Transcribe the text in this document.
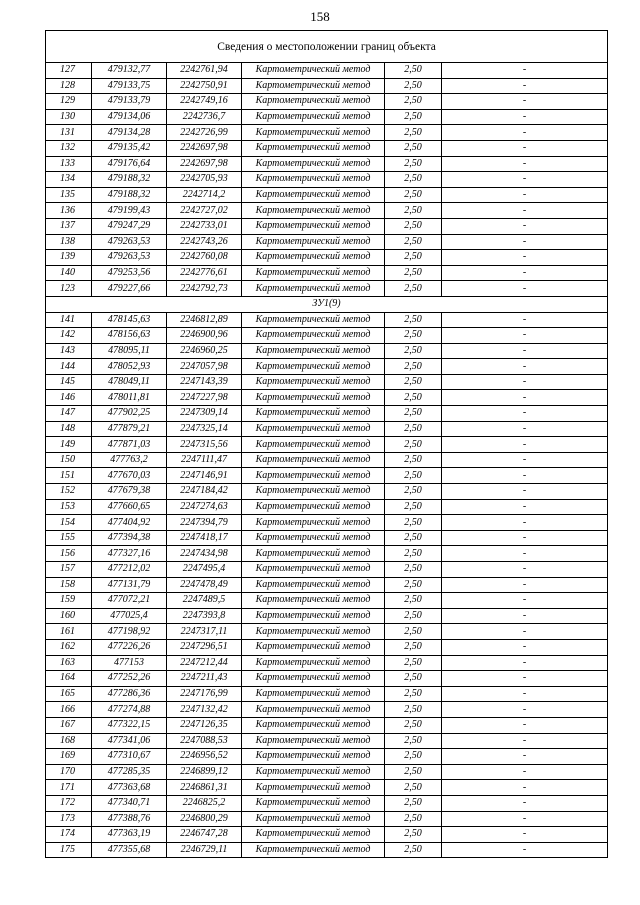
158
Сведения о местоположении границ объекта					
127	479132,77	2242761,94	Картометрический метод	2,50	-
128	479133,75	2242750,91	Картометрический метод	2,50	-
129	479133,79	2242749,16	Картометрический метод	2,50	-
130	479134,06	2242736,7	Картометрический метод	2,50	-
131	479134,28	2242726,99	Картометрический метод	2,50	-
132	479135,42	2242697,98	Картометрический метод	2,50	-
133	479176,64	2242697,98	Картометрический метод	2,50	-
134	479188,32	2242705,93	Картометрический метод	2,50	-
135	479188,32	2242714,2	Картометрический метод	2,50	-
136	479199,43	2242727,02	Картометрический метод	2,50	-
137	479247,29	2242733,01	Картометрический метод	2,50	-
138	479263,53	2242743,26	Картометрический метод	2,50	-
139	479263,53	2242760,08	Картометрический метод	2,50	-
140	479253,56	2242776,61	Картометрический метод	2,50	-
123	479227,66	2242792,73	Картометрический метод	2,50	-
ЗУ1(9)					
141	478145,63	2246812,89	Картометрический метод	2,50	-
142	478156,63	2246900,96	Картометрический метод	2,50	-
143	478095,11	2246960,25	Картометрический метод	2,50	-
144	478052,93	2247057,98	Картометрический метод	2,50	-
145	478049,11	2247143,39	Картометрический метод	2,50	-
146	478011,81	2247227,98	Картометрический метод	2,50	-
147	477902,25	2247309,14	Картометрический метод	2,50	-
148	477879,21	2247325,14	Картометрический метод	2,50	-
149	477871,03	2247315,56	Картометрический метод	2,50	-
150	477763,2	2247111,47	Картометрический метод	2,50	-
151	477670,03	2247146,91	Картометрический метод	2,50	-
152	477679,38	2247184,42	Картометрический метод	2,50	-
153	477660,65	2247274,63	Картометрический метод	2,50	-
154	477404,92	2247394,79	Картометрический метод	2,50	-
155	477394,38	2247418,17	Картометрический метод	2,50	-
156	477327,16	2247434,98	Картометрический метод	2,50	-
157	477212,02	2247495,4	Картометрический метод	2,50	-
158	477131,79	2247478,49	Картометрический метод	2,50	-
159	477072,21	2247489,5	Картометрический метод	2,50	-
160	477025,4	2247393,8	Картометрический метод	2,50	-
161	477198,92	2247317,11	Картометрический метод	2,50	-
162	477226,26	2247296,51	Картометрический метод	2,50	-
163	477153	2247212,44	Картометрический метод	2,50	-
164	477252,26	2247211,43	Картометрический метод	2,50	-
165	477286,36	2247176,99	Картометрический метод	2,50	-
166	477274,88	2247132,42	Картометрический метод	2,50	-
167	477322,15	2247126,35	Картометрический метод	2,50	-
168	477341,06	2247088,53	Картометрический метод	2,50	-
169	477310,67	2246956,52	Картометрический метод	2,50	-
170	477285,35	2246899,12	Картометрический метод	2,50	-
171	477363,68	2246861,31	Картометрический метод	2,50	-
172	477340,71	2246825,2	Картометрический метод	2,50	-
173	477388,76	2246800,29	Картометрический метод	2,50	-
174	477363,19	2246747,28	Картометрический метод	2,50	-
175	477355,68	2246729,11	Картометрический метод	2,50	-
